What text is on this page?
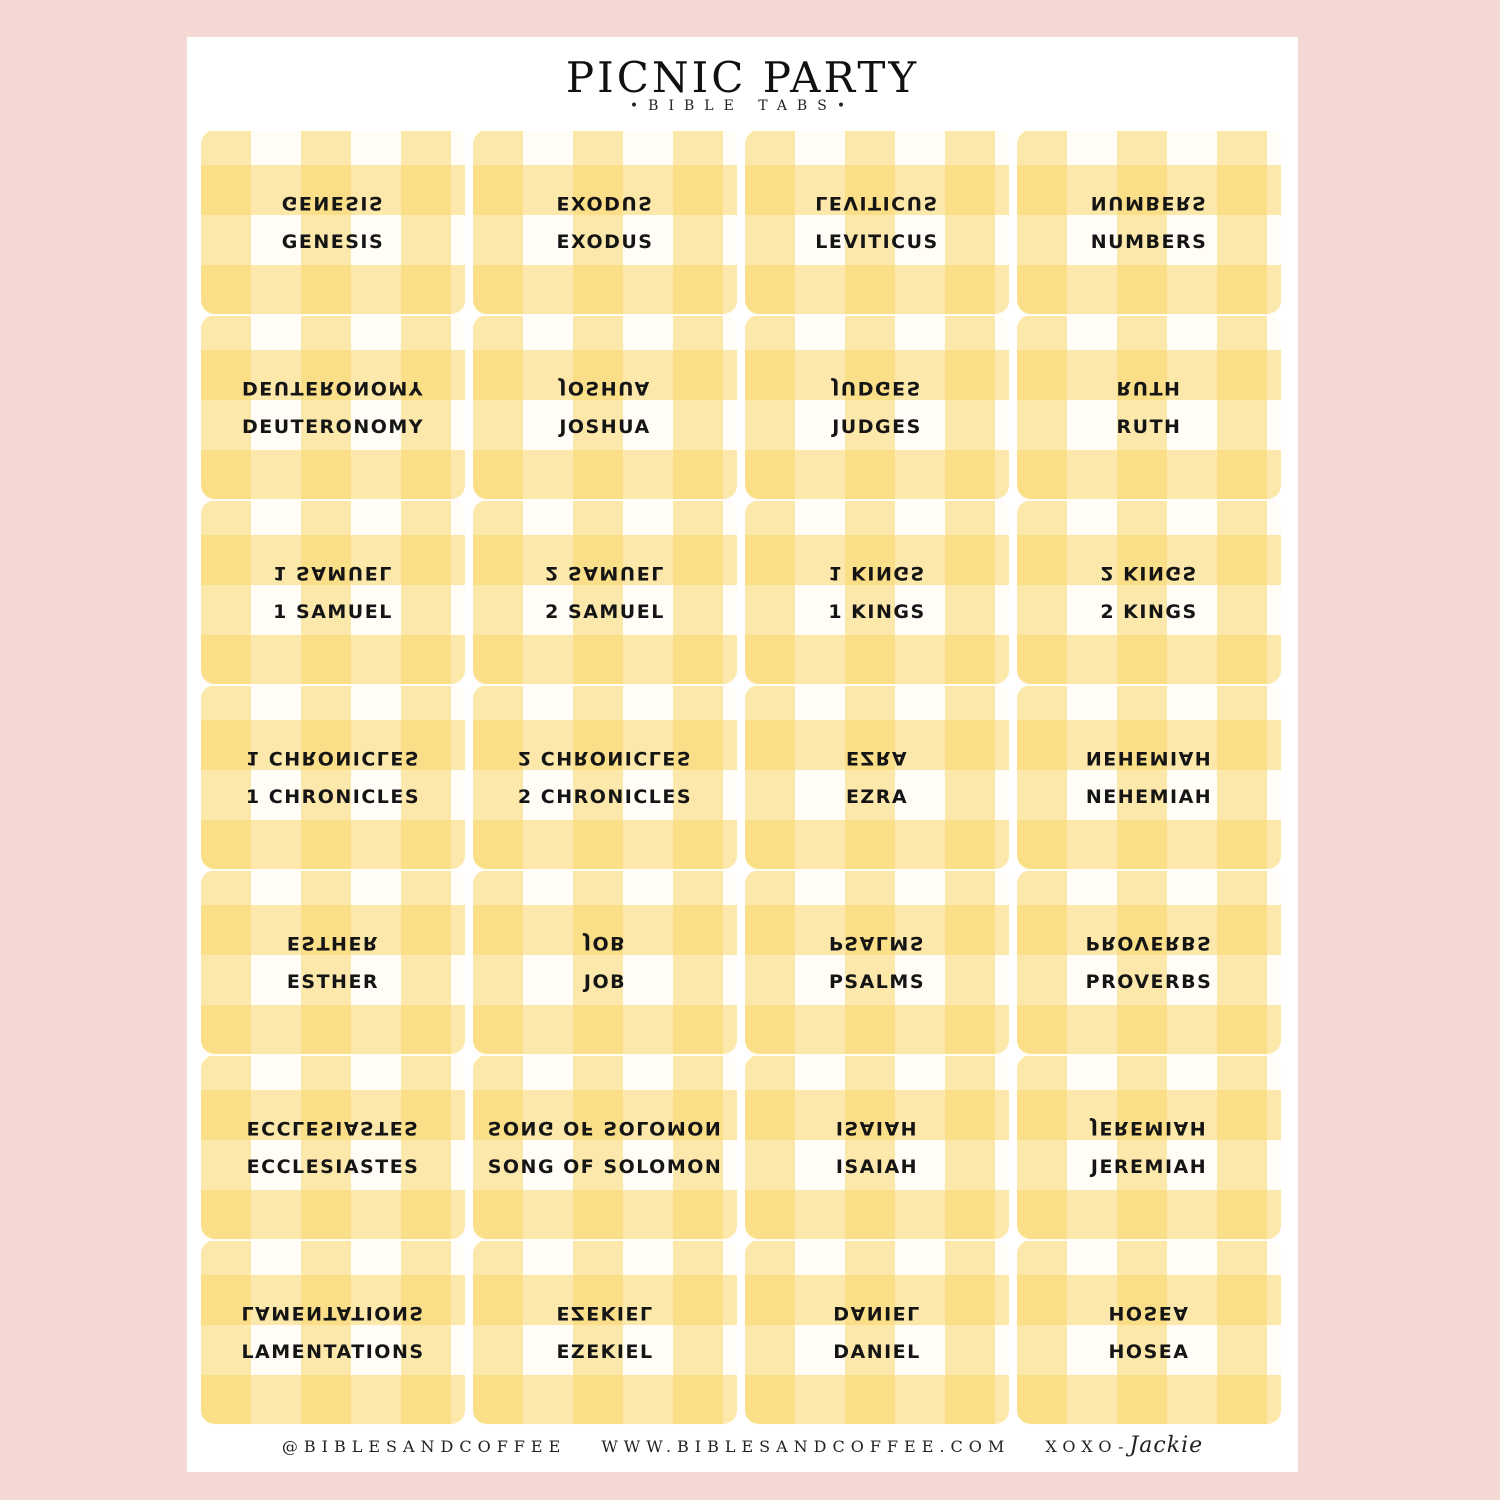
PICNIC PARTY
•BIBLE TABS•
GENESIS
GENESIS
EXODUS
EXODUS
LEVITICUS
LEVITICUS
NUMBERS
NUMBERS
DEUTERONOMY
DEUTERONOMY
JOSHUA
JOSHUA
JUDGES
JUDGES
RUTH
RUTH
1 SAMUEL
1 SAMUEL
2 SAMUEL
2 SAMUEL
1 KINGS
1 KINGS
2 KINGS
2 KINGS
1 CHRONICLES
1 CHRONICLES
2 CHRONICLES
2 CHRONICLES
EZRA
EZRA
NEHEMIAH
NEHEMIAH
ESTHER
ESTHER
JOB
JOB
PSALMS
PSALMS
PROVERBS
PROVERBS
ECCLESIASTES
ECCLESIASTES
SONG OF SOLOMON
SONG OF SOLOMON
ISAIAH
ISAIAH
JEREMIAH
JEREMIAH
LAMENTATIONS
LAMENTATIONS
EZEKIEL
EZEKIEL
DANIEL
DANIEL
HOSEA
HOSEA
@BIBLESANDCOFFEE WWW.BIBLESANDCOFFEE.COM XOXO-Jackie
